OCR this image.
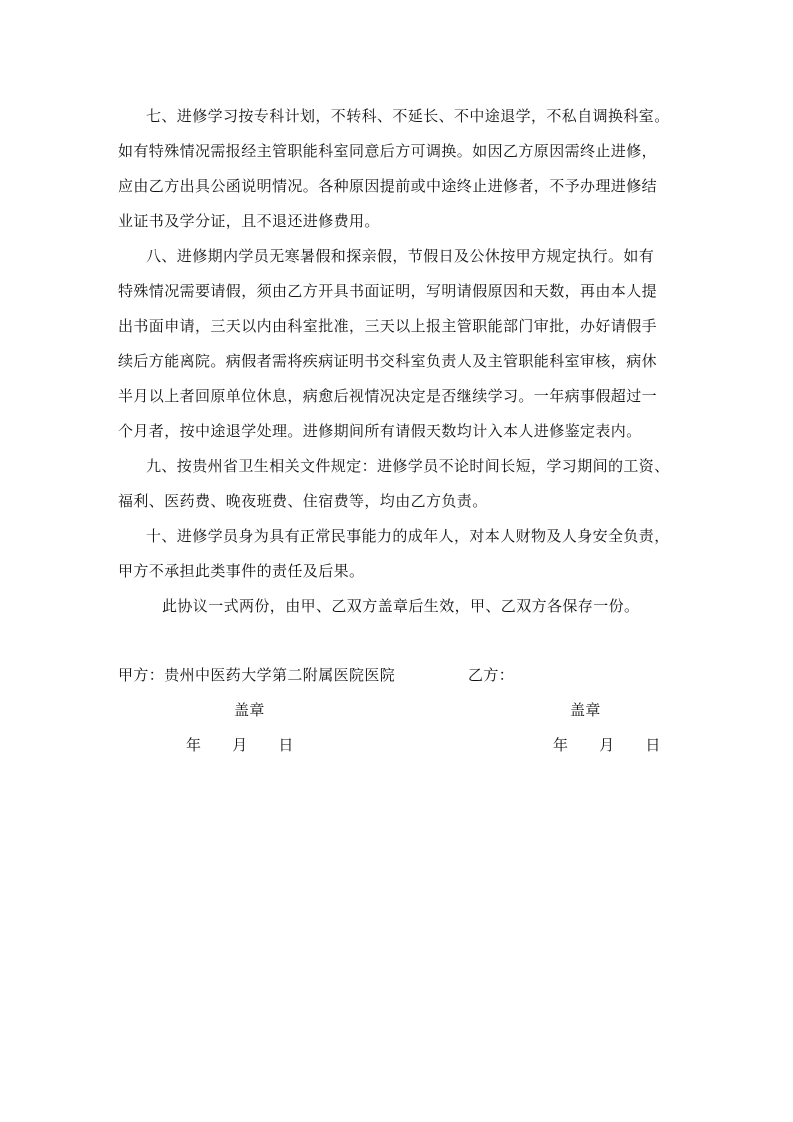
七、进修学习按专科计划，不转科、不延长、不中途退学，不私自调换科室。
如有特殊情况需报经主管职能科室同意后方可调换。如因乙方原因需终止进修，
应由乙方出具公函说明情况。各种原因提前或中途终止进修者，不予办理进修结
业证书及学分证，且不退还进修费用。
八、进修期内学员无寒暑假和探亲假，节假日及公休按甲方规定执行。如有
特殊情况需要请假，须由乙方开具书面证明，写明请假原因和天数，再由本人提
出书面申请，三天以内由科室批准，三天以上报主管职能部门审批，办好请假手
续后方能离院。病假者需将疾病证明书交科室负责人及主管职能科室审核，病休
半月以上者回原单位休息，病愈后视情况决定是否继续学习。一年病事假超过一
个月者，按中途退学处理。进修期间所有请假天数均计入本人进修鉴定表内。
九、按贵州省卫生相关文件规定：进修学员不论时间长短，学习期间的工资、
福利、医药费、晚夜班费、住宿费等，均由乙方负责。
十、进修学员身为具有正常民事能力的成年人，对本人财物及人身安全负责，
甲方不承担此类事件的责任及后果。
此协议一式两份，由甲、乙双方盖章后生效，甲、乙双方各保存一份。
甲方：贵州中医药大学第二附属医院医院	乙方：
盖章	盖章
年　　月　　日	年　　月　　日
